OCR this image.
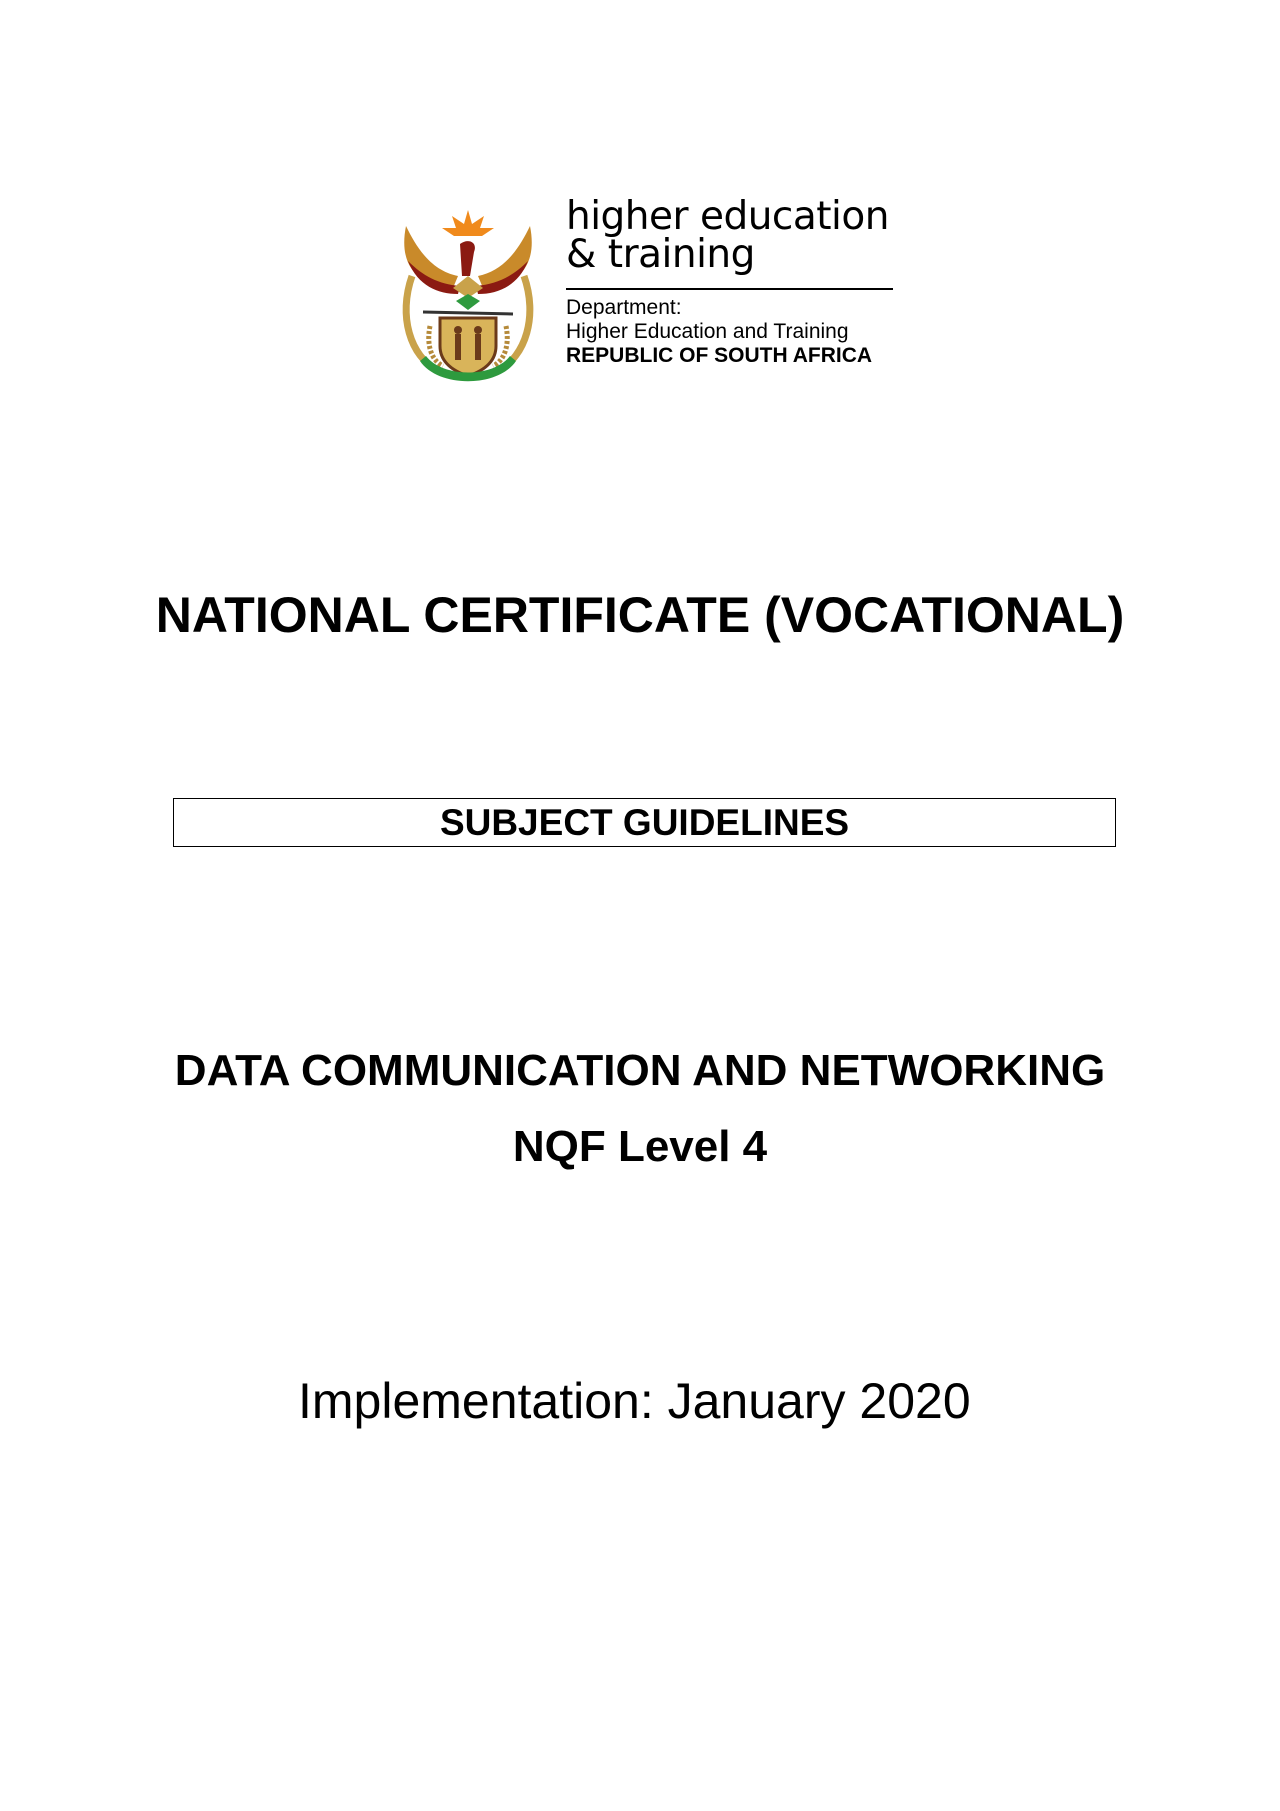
higher education
& training
Department:
Higher Education and Training
REPUBLIC OF SOUTH AFRICA
NATIONAL CERTIFICATE (VOCATIONAL)
SUBJECT GUIDELINES
DATA COMMUNICATION AND NETWORKING
NQF Level 4
Implementation: January 2020
